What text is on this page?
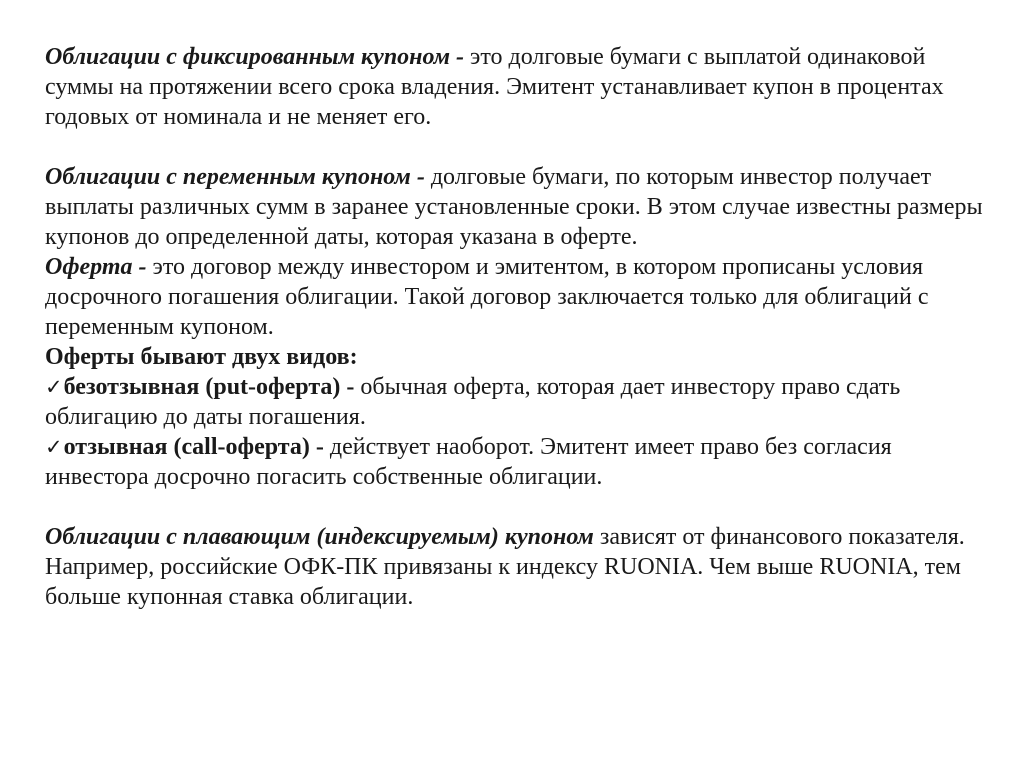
Облигации с фиксированным купоном - это долговые бумаги с выплатой одинаковой суммы на протяжении всего срока владения. Эмитент устанавливает купон в процентах годовых от номинала и не меняет его.

Облигации с переменным купоном - долговые бумаги, по которым инвестор получает выплаты различных сумм в заранее установленные сроки. В этом случае известны размеры купонов до определенной даты, которая указана в оферте.

Оферта - это договор между инвестором и эмитентом, в котором прописаны условия досрочного погашения облигации. Такой договор заключается только для облигаций с переменным купоном.

Оферты бывают двух видов:

✓безотзывная (put-оферта) - обычная оферта, которая дает инвестору право сдать облигацию до даты погашения.

✓отзывная (call-оферта) - действует наоборот. Эмитент имеет право без согласия инвестора досрочно погасить собственные облигации.

Облигации с плавающим (индексируемым) купоном зависят от финансового показателя. Например, российские ОФК-ПК привязаны к индексу RUONIA. Чем выше RUONIA, тем больше купонная ставка облигации.
